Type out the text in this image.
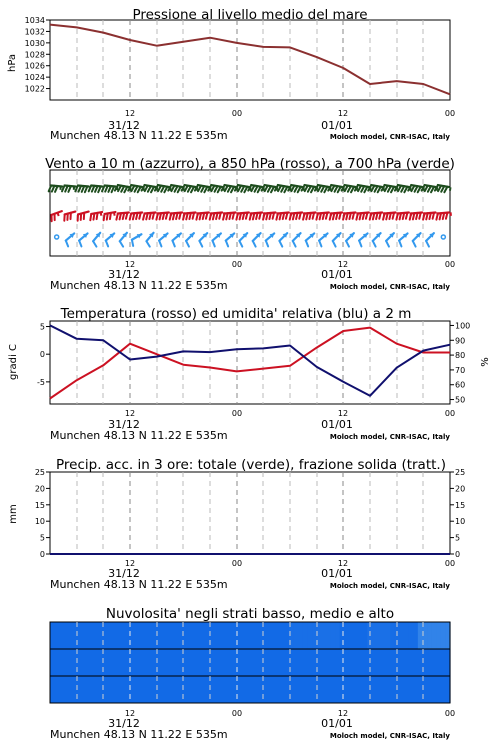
Pressione al livello medio del mare
hPa
1022
1024
1026
1028
1030
1032
1034
12	00	12	00
31/12	01/01
Munchen 48.13 N 11.22 E 535m	Moloch model, CNR-ISAC, Italy
Vento a 10 m (azzurro), a 850 hPa (rosso), a 700 hPa (verde)
12	00	12	00
31/12	01/01
Munchen 48.13 N 11.22 E 535m	Moloch model, CNR-ISAC, Italy
Temperatura (rosso) ed umidita' relativa (blu) a 2 m
gradi C	%
-5
0
5
50
60
70
80
90
100
12	00	12	00
31/12	01/01
Munchen 48.13 N 11.22 E 535m	Moloch model, CNR-ISAC, Italy
Precip. acc. in 3 ore: totale (verde), frazione solida (tratt.)
mm
0
5
10
15
20
25
0
5
10
15
20
25
12	00	12	00
31/12	01/01
Munchen 48.13 N 11.22 E 535m	Moloch model, CNR-ISAC, Italy
Nuvolosita' negli strati basso, medio e alto
12	00	12	00
31/12	01/01
Munchen 48.13 N 11.22 E 535m	Moloch model, CNR-ISAC, Italy
